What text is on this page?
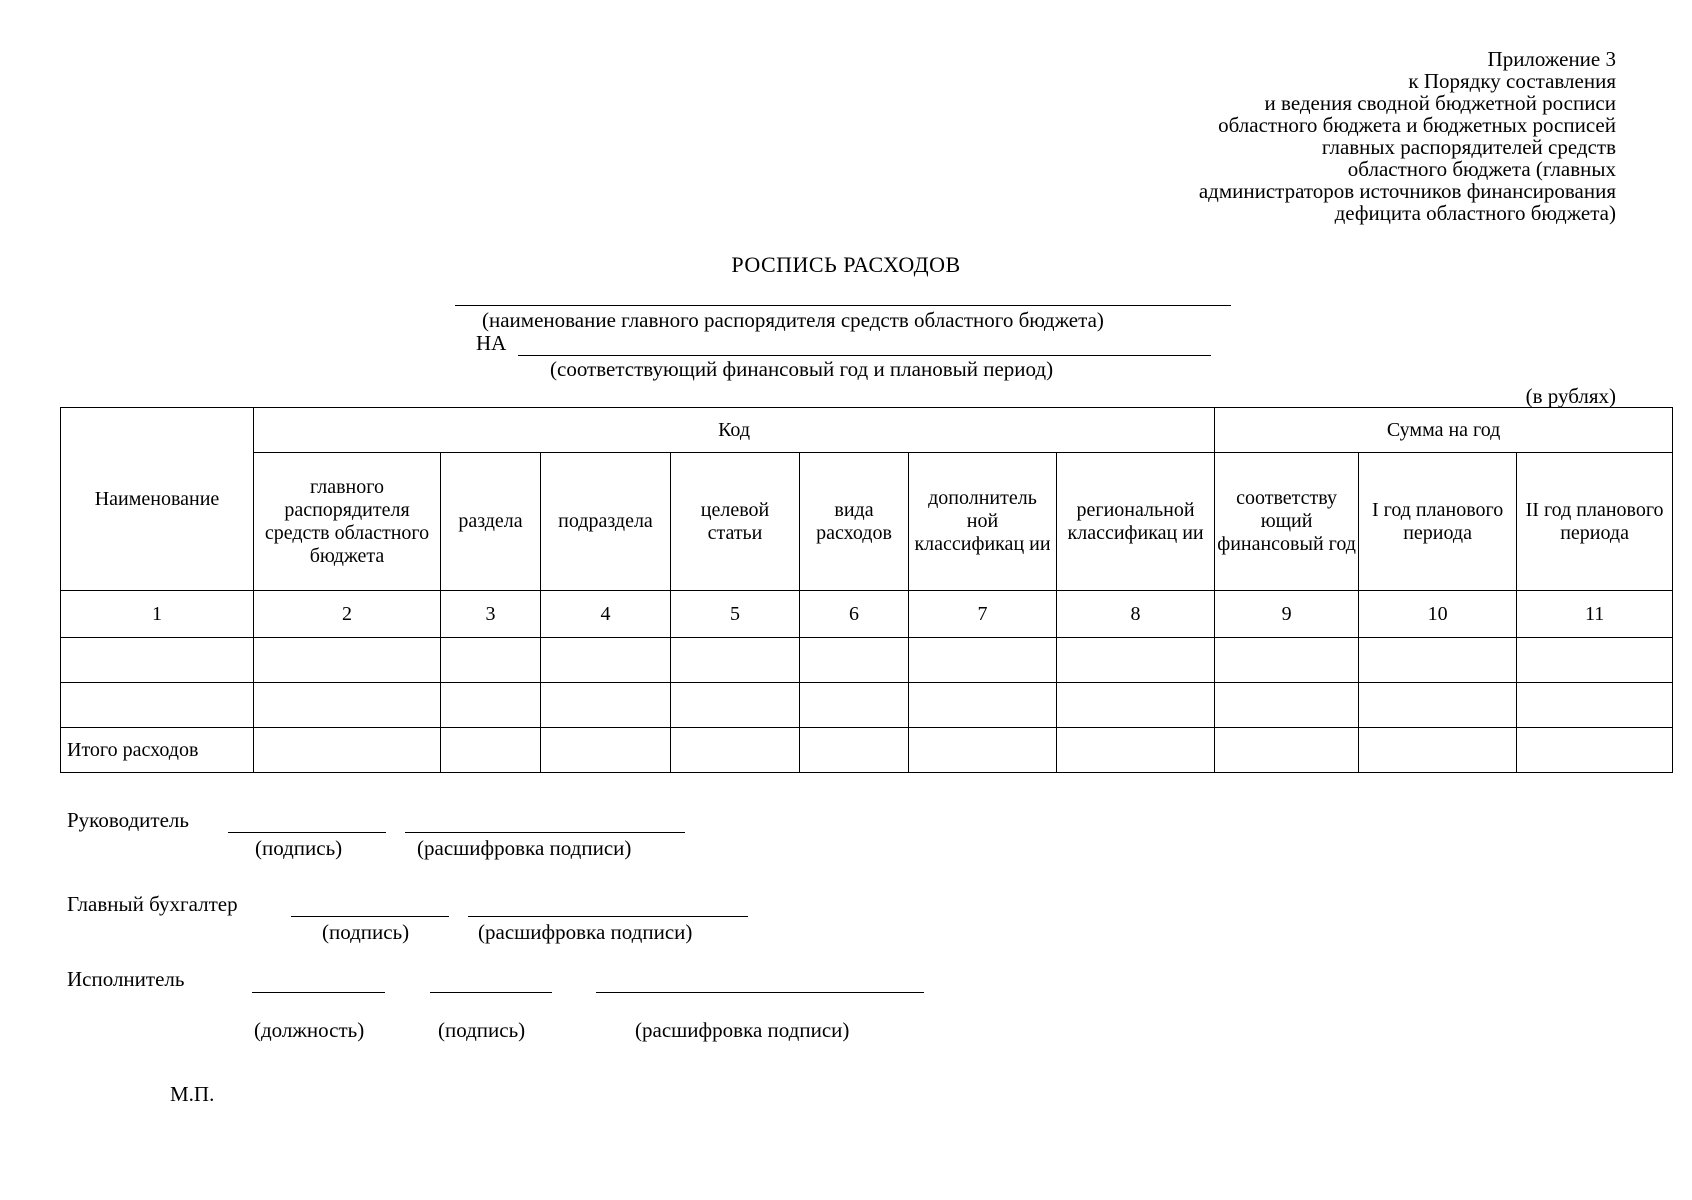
Приложение 3
к Порядку составления
и ведения сводной бюджетной росписи
областного бюджета и бюджетных росписей
главных распорядителей средств
областного бюджета (главных
администраторов источников финансирования
дефицита областного бюджета)
РОСПИСЬ РАСХОДОВ
(наименование главного распорядителя средств областного бюджета)
НА
(соответствующий финансовый год и плановый период)
(в рублях)
Наименование	Код							Сумма на год		
	главного распорядителя средств областного бюджета	раздела	подраздела	целевой статьи	вида расходов	дополнитель ной классификац ии	региональной классификац ии	соответству ющий финансовый год	I год планового периода	II год планового периода
1	2	3	4	5	6	7	8	9	10	11

Итого расходов										
Руководитель
(подпись)	(расшифровка подписи)
Главный бухгалтер
(подпись)	(расшифровка подписи)
Исполнитель
(должность)	(подпись)	(расшифровка подписи)
М.П.
